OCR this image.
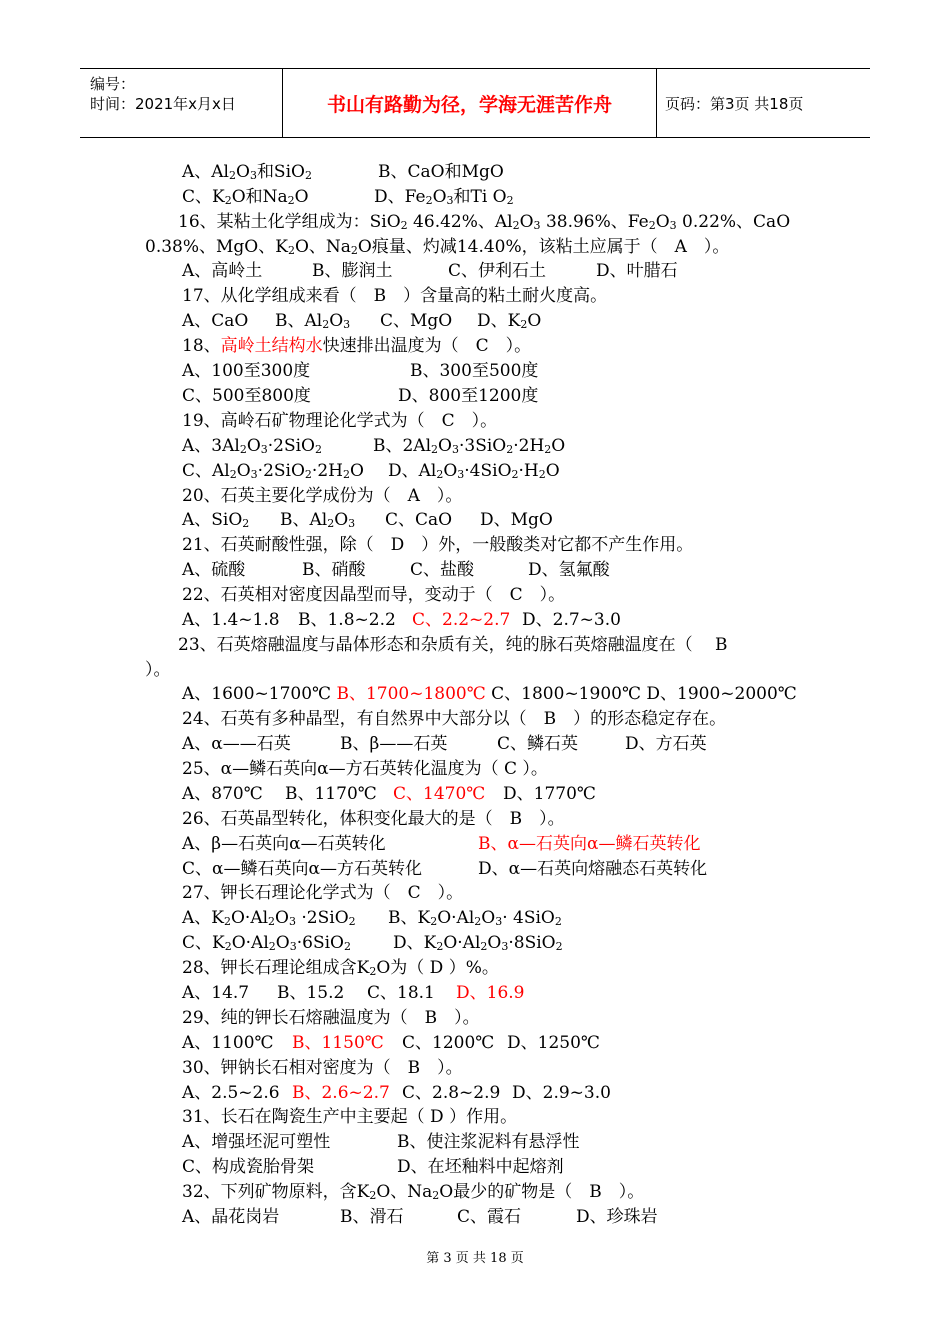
编号：
时间：2021年x月x日	书山有路勤为径，学海无涯苦作舟	页码：第3页 共18页
A、$Al_2O_3$和SiO$_2$	B、CaO和MgO
C、$K_2O$和$Na_2O$	D、$Fe_2O_3$和Ti $O_2$
16、某粘土化学组成为：SiO$_2$ 46.42%、$Al_2O_3$ 38.96%、$Fe_2O_3$ 0.22%、CaO
0.38%、MgO、$K_2O$、$Na_2O$痕量、灼减14.40%，该粘土应属于（　A　）。
A、高岭土	B、膨润土	C、伊利石土	D、叶腊石
17、从化学组成来看（　B　）含量高的粘土耐火度高。
A、CaO B、$Al_2O_3$ C、MgO D、$K_2O$
18、高岭土结构水快速排出温度为（　C　）。
A、100至300度	B、300至500度
C、500至800度	D、800至1200度
19、高岭石矿物理论化学式为（　C　）。
A、$3Al_2O_3\cdot 2SiO_2$	B、$2Al_2O_3\cdot 3SiO_2\cdot 2H_2O$
C、$Al_2O_3\cdot 2SiO_2\cdot 2H_2O$ D、$Al_2O_3\cdot 4SiO_2\cdot H_2O$
20、石英主要化学成份为（　A　）。
A、SiO$_2$ B、$Al_2O_3$ C、CaO D、MgO
21、石英耐酸性强，除（　D　）外，一般酸类对它都不产生作用。
A、硫酸	B、硝酸	C、盐酸	D、氢氟酸
22、石英相对密度因晶型而导，变动于（　C　）。
A、1.4~1.8 B、1.8~2.2 C、2.2~2.7 D、2.7~3.0
23、石英熔融温度与晶体形态和杂质有关，纯的脉石英熔融温度在（　 B
）。
A、1600~1700℃ B、1700~1800℃ C、1800~1900℃ D、1900~2000℃
24、石英有多种晶型，有自然界中大部分以（　B　）的形态稳定存在。
A、α——石英	B、β——石英	C、鳞石英	D、方石英
25、α—鳞石英向α—方石英转化温度为（ C ）。
A、870℃ B、1170℃ C、1470℃ D、1770℃
26、石英晶型转化，体积变化最大的是（　B　）。
A、β—石英向α—石英转化	B、α—石英向α—鳞石英转化
C、α—鳞石英向α—方石英转化	D、α—石英向熔融态石英转化
27、钾长石理论化学式为（　C　）。
A、$K_2O\cdot Al_2O_3 \cdot 2SiO_2$ B、$K_2O\cdot Al_2O_3\cdot 4SiO_2$
C、$K_2O\cdot Al_2O_3\cdot 6SiO_2$ D、$K_2O\cdot Al_2O_3\cdot 8SiO_2$
28、钾长石理论组成含$K_2O$为（ D ）%。
A、14.7 B、15.2 C、18.1 D、16.9
29、纯的钾长石熔融温度为（　B　）。
A、1100℃ B、1150℃ C、1200℃ D、1250℃
30、钾钠长石相对密度为（　B　）。
A、2.5~2.6 B、2.6~2.7 C、2.8~2.9 D、2.9~3.0
31、长石在陶瓷生产中主要起（ D ）作用。
A、增强坯泥可塑性	B、使注浆泥料有悬浮性
C、构成瓷胎骨架	D、在坯釉料中起熔剂
32、下列矿物原料，含$K_2O$、$Na_2O$最少的矿物是（　B　）。
A、晶花岗岩	B、滑石	C、霞石	D、珍珠岩
第 3 页 共 18 页
